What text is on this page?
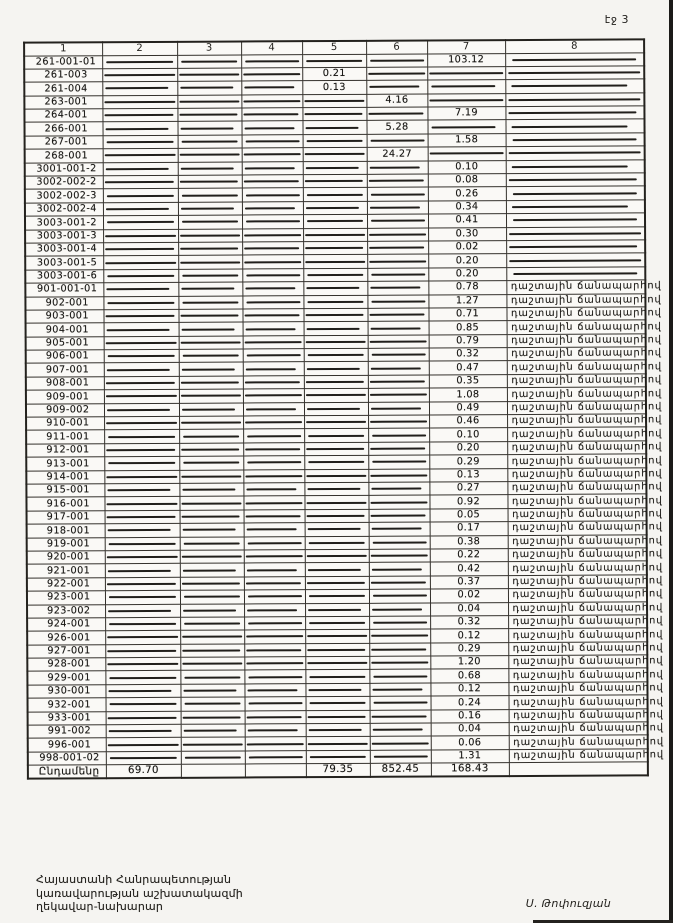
էջ 3
1	2	3	4	5	6	7	8
261-001-01						103.12	

261-003				0.21	

261-004				0.13	

263-001					4.16	

264-001						7.19	

266-001					5.28	

267-001						1.58	

268-001					24.27	

3001-001-2						0.10	

3002-002-2						0.08	

3002-002-3						0.26	

3002-002-4						0.34	

3003-001-2						0.41	

3003-001-3						0.30	

3003-001-4						0.02	

3003-001-5						0.20	

3003-001-6						0.20	

901-001-01						0.78	դաշտային ճանապարհով
902-001						1.27	դաշտային ճանապարհով
903-001						0.71	դաշտային ճանապարհով
904-001						0.85	դաշտային ճանապարհով
905-001						0.79	դաշտային ճանապարհով
906-001						0.32	դաշտային ճանապարհով
907-001						0.47	դաշտային ճանապարհով
908-001						0.35	դաշտային ճանապարհով
909-001						1.08	դաշտային ճանապարհով
909-002						0.49	դաշտային ճանապարհով
910-001						0.46	դաշտային ճանապարհով
911-001						0.10	դաշտային ճանապարհով
912-001						0.20	դաշտային ճանապարհով
913-001						0.29	դաշտային ճանապարհով
914-001						0.13	դաշտային ճանապարհով
915-001						0.27	դաշտային ճանապարհով
916-001						0.92	դաշտային ճանապարհով
917-001						0.05	դաշտային ճանապարհով
918-001						0.17	դաշտային ճանապարհով
919-001						0.38	դաշտային ճանապարհով
920-001						0.22	դաշտային ճանապարհով
921-001						0.42	դաշտային ճանապարհով
922-001						0.37	դաշտային ճանապարհով
923-001						0.02	դաշտային ճանապարհով
923-002						0.04	դաշտային ճանապարհով
924-001						0.32	դաշտային ճանապարհով
926-001						0.12	դաշտային ճանապարհով
927-001						0.29	դաշտային ճանապարհով
928-001						1.20	դաշտային ճանապարհով
929-001						0.68	դաշտային ճանապարհով
930-001						0.12	դաշտային ճանապարհով
932-001						0.24	դաշտային ճանապարհով
933-001						0.16	դաշտային ճանապարհով
991-002						0.04	դաշտային ճանապարհով
996-001						0.06	դաշտային ճանապարհով
998-001-02						1.31	դաշտային ճանապարհով
Ընդամենը	69.70			79.35	852.45	168.43	
Հայաստանի Հանրապետության
կառավարության աշխատակազմի
ղեկավար-նախարար	Ս. Թոփուզյան
